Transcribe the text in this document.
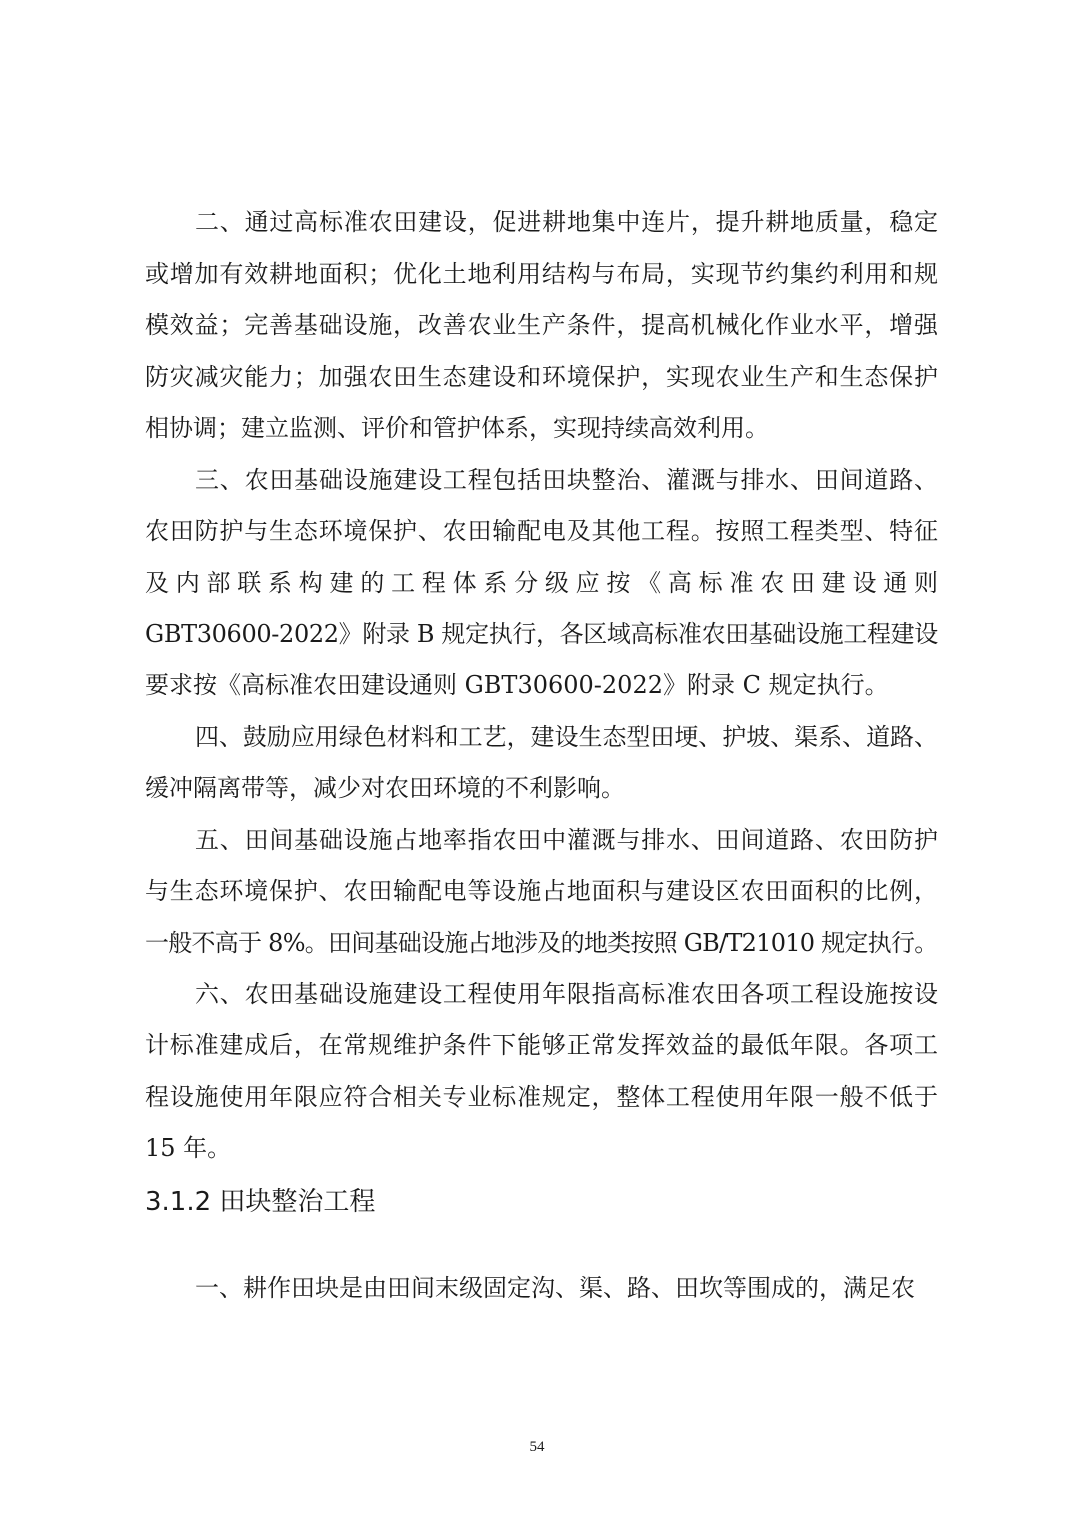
二、通过高标准农田建设，促进耕地集中连片，提升耕地质量，稳定
或增加有效耕地面积；优化土地利用结构与布局，实现节约集约利用和规
模效益；完善基础设施，改善农业生产条件，提高机械化作业水平，增强
防灾减灾能力；加强农田生态建设和环境保护，实现农业生产和生态保护
相协调；建立监测、评价和管护体系，实现持续高效利用。
三、农田基础设施建设工程包括田块整治、灌溉与排水、田间道路、
农田防护与生态环境保护、农田输配电及其他工程。按照工程类型、特征
及内部联系构建的工程体系分级应按《高标准农田建设通则
GBT30600-2022》附录 B 规定执行，各区域高标准农田基础设施工程建设
要求按《高标准农田建设通则 GBT30600-2022》附录 C 规定执行。
四、鼓励应用绿色材料和工艺，建设生态型田埂、护坡、渠系、道路、
缓冲隔离带等，减少对农田环境的不利影响。
五、田间基础设施占地率指农田中灌溉与排水、田间道路、农田防护
与生态环境保护、农田输配电等设施占地面积与建设区农田面积的比例，
一般不高于 8%。田间基础设施占地涉及的地类按照 GB/T21010 规定执行。
六、农田基础设施建设工程使用年限指高标准农田各项工程设施按设
计标准建成后，在常规维护条件下能够正常发挥效益的最低年限。各项工
程设施使用年限应符合相关专业标准规定，整体工程使用年限一般不低于
15 年。
3.1.2 田块整治工程
一、耕作田块是由田间末级固定沟、渠、路、田坎等围成的，满足农
54
